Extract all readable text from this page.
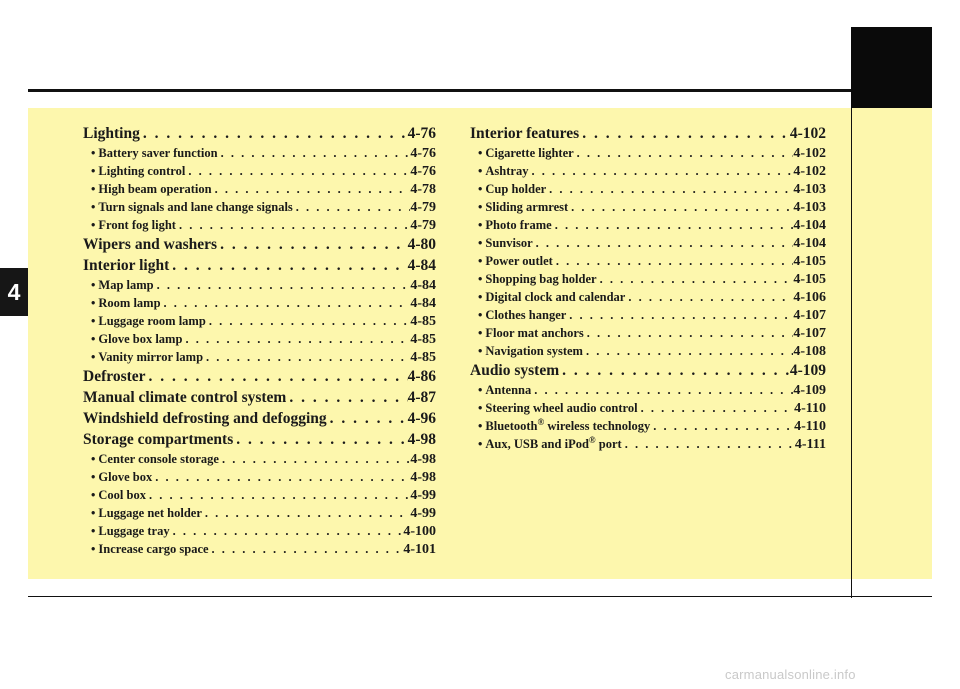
4
Lighting . . .	4-76
• Battery saver function . . .	4-76
• Lighting control . . .	4-76
• High beam operation . . .	4-78
• Turn signals and lane change signals . . .	4-79
• Front fog light . . .	4-79
Wipers and washers . . .	4-80
Interior light . . .	4-84
• Map lamp . . .	4-84
• Room lamp . . .	4-84
• Luggage room lamp . . .	4-85
• Glove box lamp . . .	4-85
• Vanity mirror lamp . . .	4-85
Defroster . . .	4-86
Manual climate control system . . .	4-87
Windshield defrosting and defogging . . .	4-96
Storage compartments . . .	4-98
• Center console storage . . .	4-98
• Glove box . . .	4-98
• Cool box . . .	4-99
• Luggage net holder . . .	4-99
• Luggage tray . . .	4-100
• Increase cargo space . . .	4-101
Interior features . . .	4-102
• Cigarette lighter . . .	4-102
• Ashtray . . .	4-102
• Cup holder . . .	4-103
• Sliding armrest . . .	4-103
• Photo frame . . .	4-104
• Sunvisor . . .	4-104
• Power outlet . . .	4-105
• Shopping bag holder . . .	4-105
• Digital clock and calendar . . .	4-106
• Clothes hanger . . .	4-107
• Floor mat anchors . . .	4-107
• Navigation system . . .	4-108
Audio system . . .	4-109
• Antenna . . .	4-109
• Steering wheel audio control . . .	4-110
• Bluetooth® wireless technology . . .	4-110
• Aux, USB and iPod® port . . .	4-111
carmanualsonline.info
